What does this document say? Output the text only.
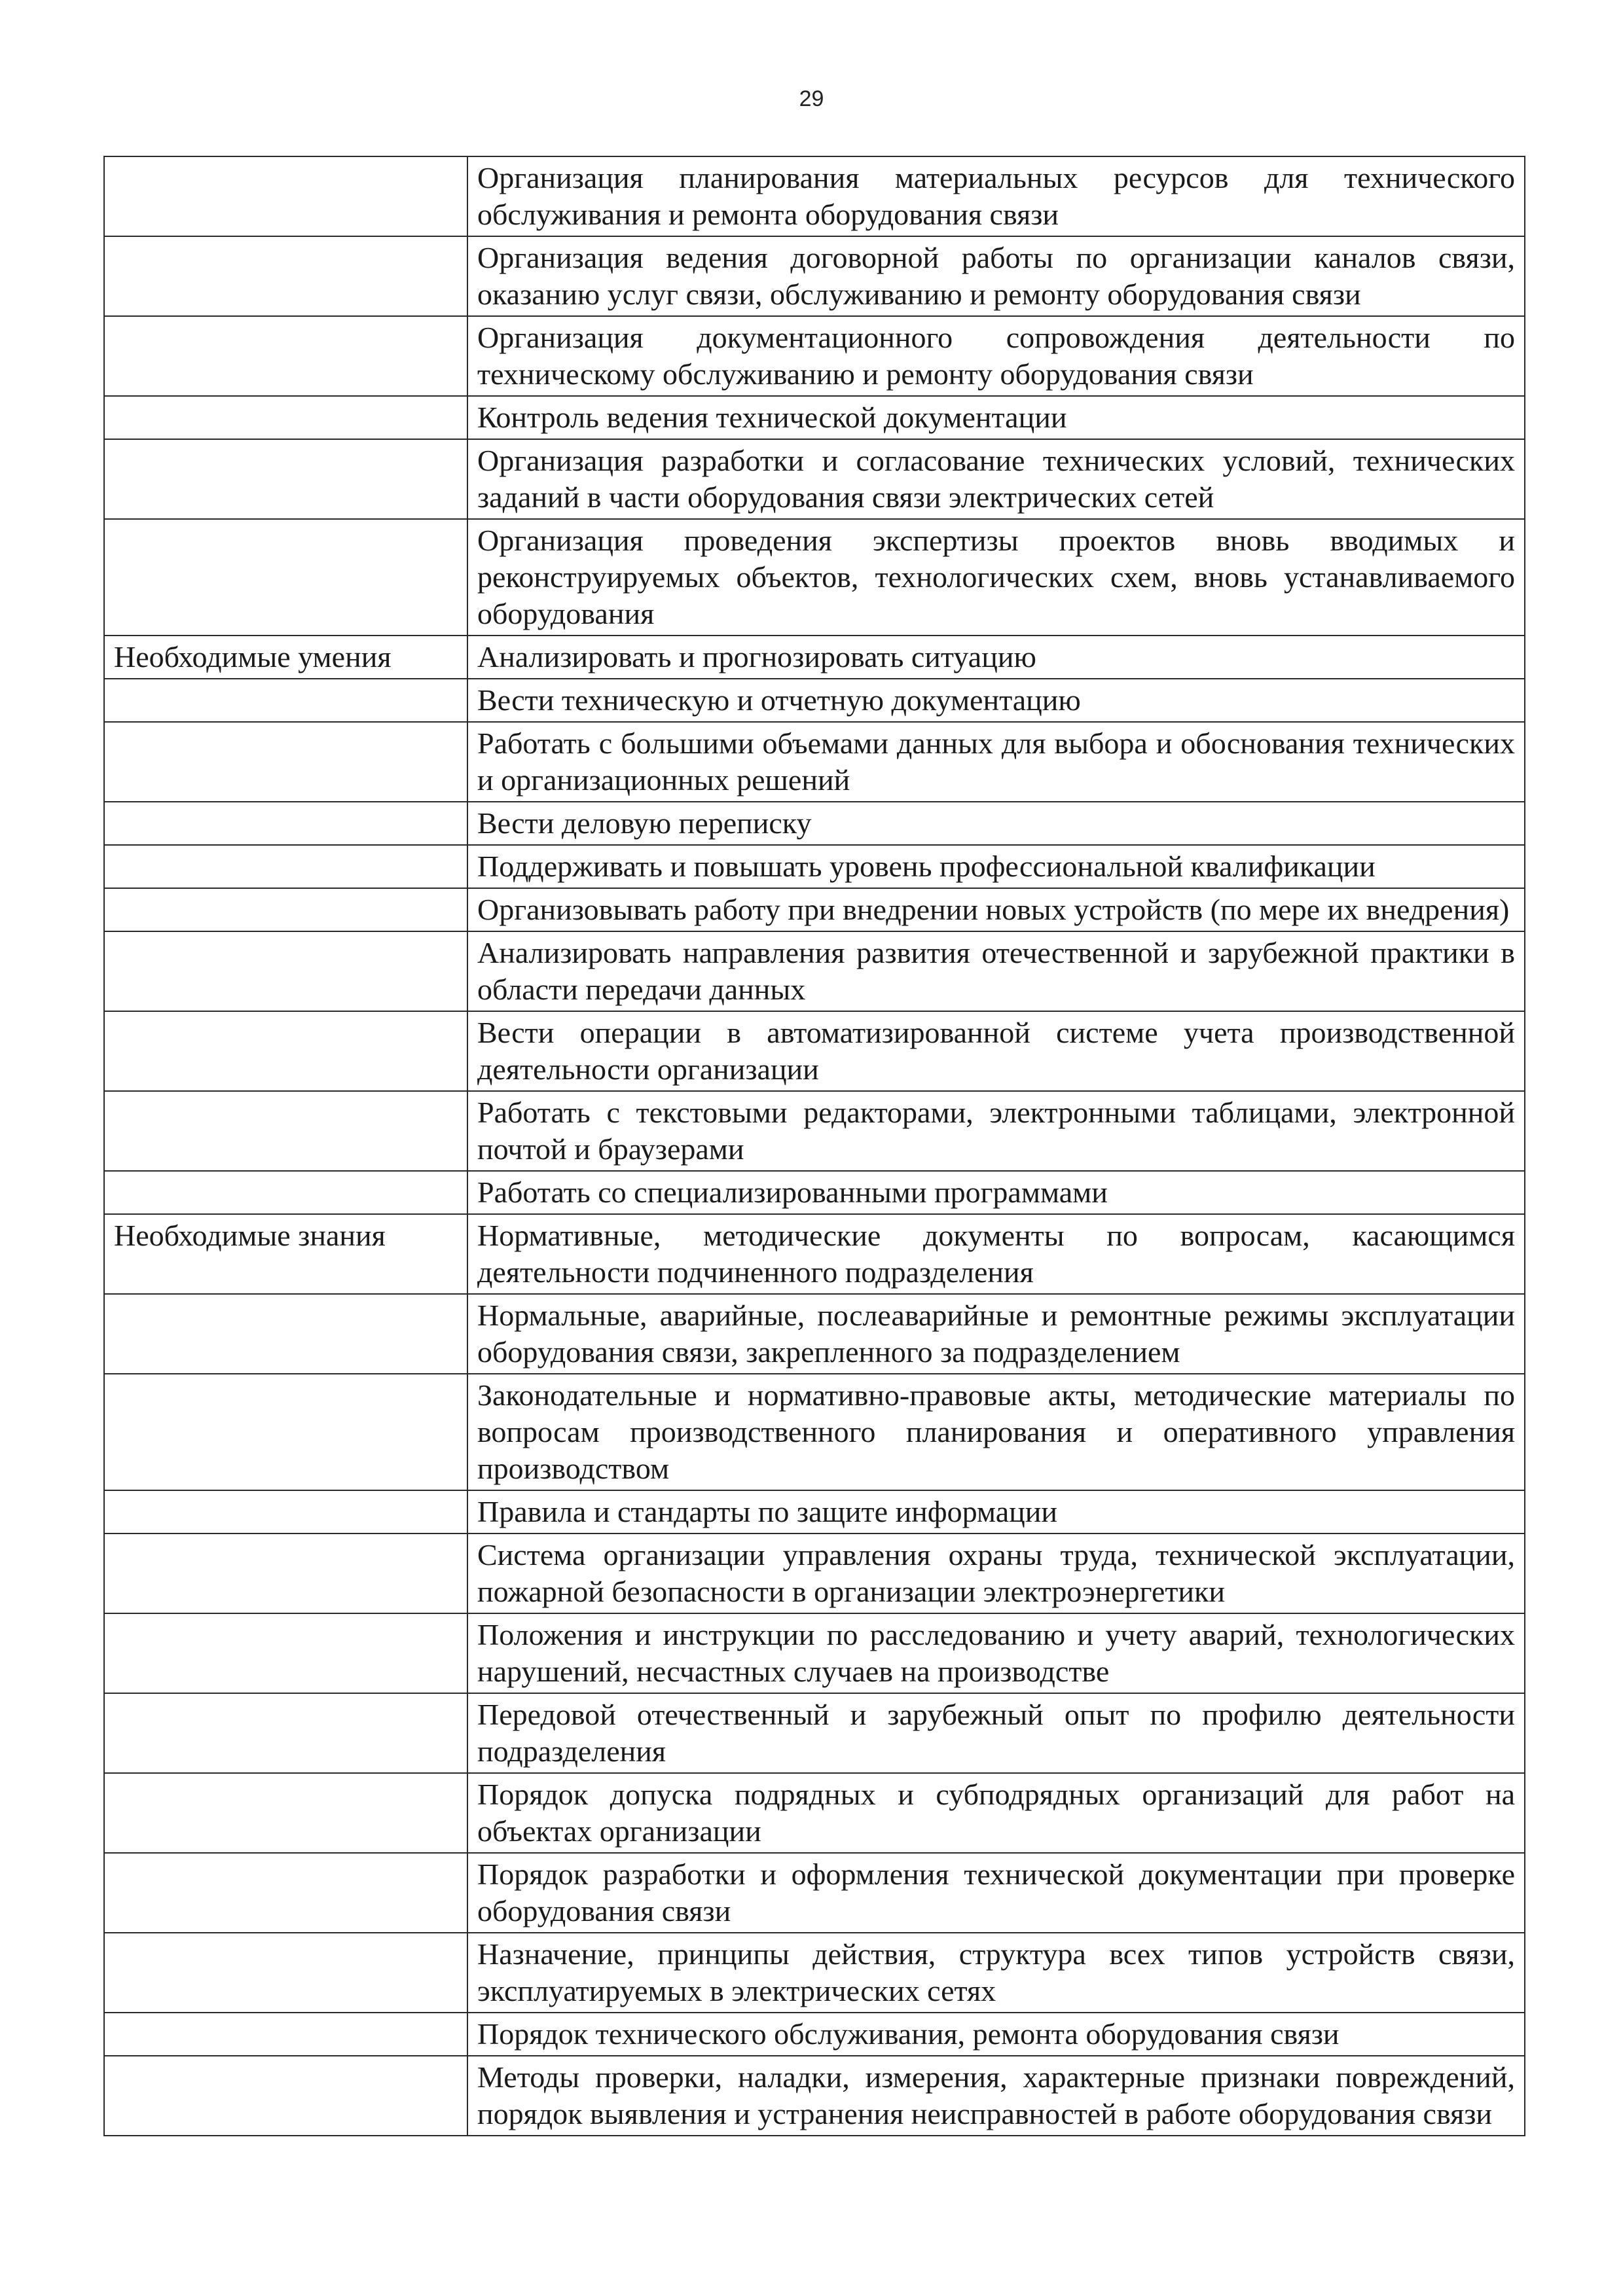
29
	Организация планирования материальных ресурсов для технического обслуживания и ремонта оборудования связи
	Организация ведения договорной работы по организации каналов связи, оказанию услуг связи, обслуживанию и ремонту оборудования связи
	Организация документационного сопровождения деятельности по техническому обслуживанию и ремонту оборудования связи
	Контроль ведения технической документации
	Организация разработки и согласование технических условий, технических заданий в части оборудования связи электрических сетей
	Организация проведения экспертизы проектов вновь вводимых и реконструируемых объектов, технологических схем, вновь устанавливаемого оборудования
Необходимые умения	Анализировать и прогнозировать ситуацию
	Вести техническую и отчетную документацию
	Работать с большими объемами данных для выбора и обоснования технических и организационных решений
	Вести деловую переписку
	Поддерживать и повышать уровень профессиональной квалификации
	Организовывать работу при внедрении новых устройств (по мере их внедрения)
	Анализировать направления развития отечественной и зарубежной практики в области передачи данных
	Вести операции в автоматизированной системе учета производственной деятельности организации
	Работать с текстовыми редакторами, электронными таблицами, электронной почтой и браузерами
	Работать со специализированными программами
Необходимые знания	Нормативные, методические документы по вопросам, касающимся деятельности подчиненного подразделения
	Нормальные, аварийные, послеаварийные и ремонтные режимы эксплуатации оборудования связи, закрепленного за подразделением
	Законодательные и нормативно-правовые акты, методические материалы по вопросам производственного планирования и оперативного управления производством
	Правила и стандарты по защите информации
	Система организации управления охраны труда, технической эксплуатации, пожарной безопасности в организации электроэнергетики
	Положения и инструкции по расследованию и учету аварий, технологических нарушений, несчастных случаев на производстве
	Передовой отечественный и зарубежный опыт по профилю деятельности подразделения
	Порядок допуска подрядных и субподрядных организаций для работ на объектах организации
	Порядок разработки и оформления технической документации при проверке оборудования связи
	Назначение, принципы действия, структура всех типов устройств связи, эксплуатируемых в электрических сетях
	Порядок технического обслуживания, ремонта оборудования связи
	Методы проверки, наладки, измерения, характерные признаки повреждений, порядок выявления и устранения неисправностей в работе оборудования связи
